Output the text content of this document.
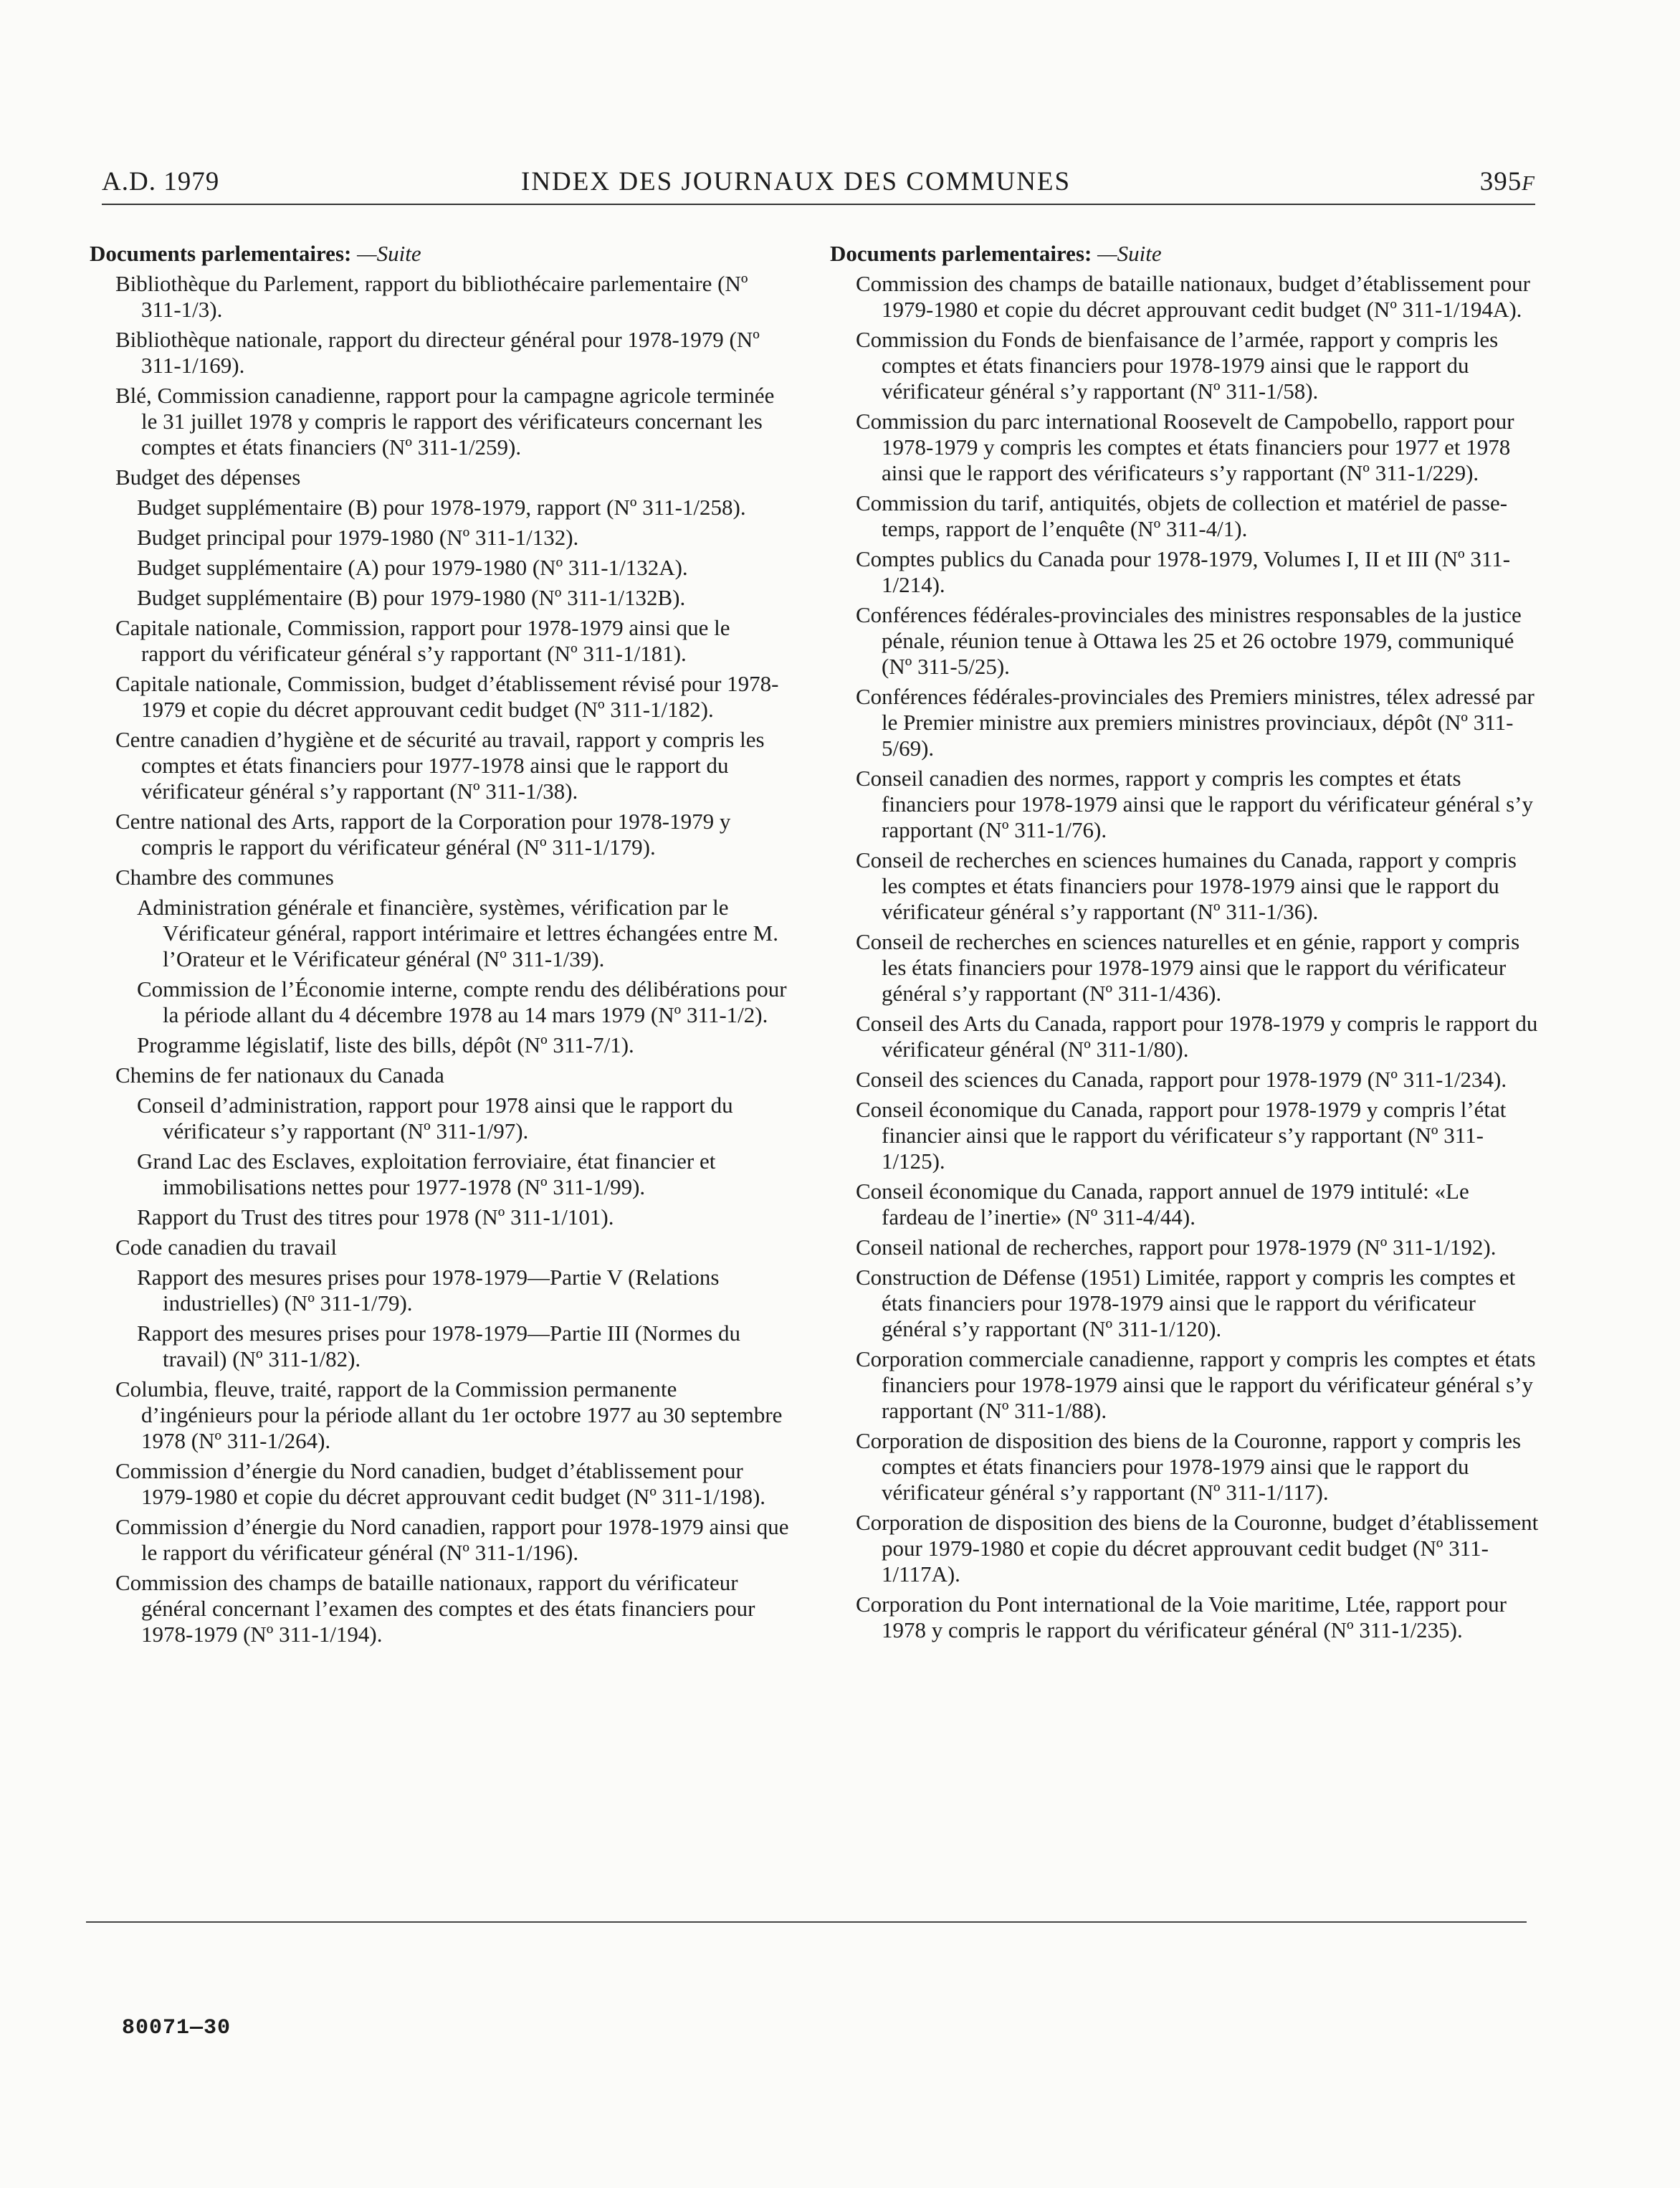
A.D. 1979	INDEX DES JOURNAUX DES COMMUNES	395F
Documents parlementaires: —Suite
Bibliothèque du Parlement, rapport du bibliothécaire parlementaire (Nº 311-1/3).
Bibliothèque nationale, rapport du directeur général pour 1978-1979 (Nº 311-1/169).
Blé, Commission canadienne, rapport pour la campagne agricole terminée le 31 juillet 1978 y compris le rapport des vérificateurs concernant les comptes et états financiers (Nº 311-1/259).
Budget des dépenses
Budget supplémentaire (B) pour 1978-1979, rapport (Nº 311-1/258).
Budget principal pour 1979-1980 (Nº 311-1/132).
Budget supplémentaire (A) pour 1979-1980 (Nº 311-1/132A).
Budget supplémentaire (B) pour 1979-1980 (Nº 311-1/132B).
Capitale nationale, Commission, rapport pour 1978-1979 ainsi que le rapport du vérificateur général s’y rapportant (Nº 311-1/181).
Capitale nationale, Commission, budget d’établissement révisé pour 1978-1979 et copie du décret approuvant cedit budget (Nº 311-1/182).
Centre canadien d’hygiène et de sécurité au travail, rapport y compris les comptes et états financiers pour 1977-1978 ainsi que le rapport du vérificateur général s’y rapportant (Nº 311-1/38).
Centre national des Arts, rapport de la Corporation pour 1978-1979 y compris le rapport du vérificateur général (Nº 311-1/179).
Chambre des communes
Administration générale et financière, systèmes, vérification par le Vérificateur général, rapport intérimaire et lettres échangées entre M. l’Orateur et le Vérificateur général (Nº 311-1/39).
Commission de l’Économie interne, compte rendu des délibérations pour la période allant du 4 décembre 1978 au 14 mars 1979 (Nº 311-1/2).
Programme législatif, liste des bills, dépôt (Nº 311-7/1).
Chemins de fer nationaux du Canada
Conseil d’administration, rapport pour 1978 ainsi que le rapport du vérificateur s’y rapportant (Nº 311-1/97).
Grand Lac des Esclaves, exploitation ferroviaire, état financier et immobilisations nettes pour 1977-1978 (Nº 311-1/99).
Rapport du Trust des titres pour 1978 (Nº 311-1/101).
Code canadien du travail
Rapport des mesures prises pour 1978-1979—Partie V (Relations industrielles) (Nº 311-1/79).
Rapport des mesures prises pour 1978-1979—Partie III (Normes du travail) (Nº 311-1/82).
Columbia, fleuve, traité, rapport de la Commission permanente d’ingénieurs pour la période allant du 1er octobre 1977 au 30 septembre 1978 (Nº 311-1/264).
Commission d’énergie du Nord canadien, budget d’établissement pour 1979-1980 et copie du décret approuvant cedit budget (Nº 311-1/198).
Commission d’énergie du Nord canadien, rapport pour 1978-1979 ainsi que le rapport du vérificateur général (Nº 311-1/196).
Commission des champs de bataille nationaux, rapport du vérificateur général concernant l’examen des comptes et des états financiers pour 1978-1979 (Nº 311-1/194).
Documents parlementaires: —Suite
Commission des champs de bataille nationaux, budget d’établissement pour 1979-1980 et copie du décret approuvant cedit budget (Nº 311-1/194A).
Commission du Fonds de bienfaisance de l’armée, rapport y compris les comptes et états financiers pour 1978-1979 ainsi que le rapport du vérificateur général s’y rapportant (Nº 311-1/58).
Commission du parc international Roosevelt de Campobello, rapport pour 1978-1979 y compris les comptes et états financiers pour 1977 et 1978 ainsi que le rapport des vérificateurs s’y rapportant (Nº 311-1/229).
Commission du tarif, antiquités, objets de collection et matériel de passe-temps, rapport de l’enquête (Nº 311-4/1).
Comptes publics du Canada pour 1978-1979, Volumes I, II et III (Nº 311-1/214).
Conférences fédérales-provinciales des ministres responsables de la justice pénale, réunion tenue à Ottawa les 25 et 26 octobre 1979, communiqué (Nº 311-5/25).
Conférences fédérales-provinciales des Premiers ministres, télex adressé par le Premier ministre aux premiers ministres provinciaux, dépôt (Nº 311-5/69).
Conseil canadien des normes, rapport y compris les comptes et états financiers pour 1978-1979 ainsi que le rapport du vérificateur général s’y rapportant (Nº 311-1/76).
Conseil de recherches en sciences humaines du Canada, rapport y compris les comptes et états financiers pour 1978-1979 ainsi que le rapport du vérificateur général s’y rapportant (Nº 311-1/36).
Conseil de recherches en sciences naturelles et en génie, rapport y compris les états financiers pour 1978-1979 ainsi que le rapport du vérificateur général s’y rapportant (Nº 311-1/436).
Conseil des Arts du Canada, rapport pour 1978-1979 y compris le rapport du vérificateur général (Nº 311-1/80).
Conseil des sciences du Canada, rapport pour 1978-1979 (Nº 311-1/234).
Conseil économique du Canada, rapport pour 1978-1979 y compris l’état financier ainsi que le rapport du vérificateur s’y rapportant (Nº 311-1/125).
Conseil économique du Canada, rapport annuel de 1979 intitulé: «Le fardeau de l’inertie» (Nº 311-4/44).
Conseil national de recherches, rapport pour 1978-1979 (Nº 311-1/192).
Construction de Défense (1951) Limitée, rapport y compris les comptes et états financiers pour 1978-1979 ainsi que le rapport du vérificateur général s’y rapportant (Nº 311-1/120).
Corporation commerciale canadienne, rapport y compris les comptes et états financiers pour 1978-1979 ainsi que le rapport du vérificateur général s’y rapportant (Nº 311-1/88).
Corporation de disposition des biens de la Couronne, rapport y compris les comptes et états financiers pour 1978-1979 ainsi que le rapport du vérificateur général s’y rapportant (Nº 311-1/117).
Corporation de disposition des biens de la Couronne, budget d’établissement pour 1979-1980 et copie du décret approuvant cedit budget (Nº 311-1/117A).
Corporation du Pont international de la Voie maritime, Ltée, rapport pour 1978 y compris le rapport du vérificateur général (Nº 311-1/235).
80071—30
